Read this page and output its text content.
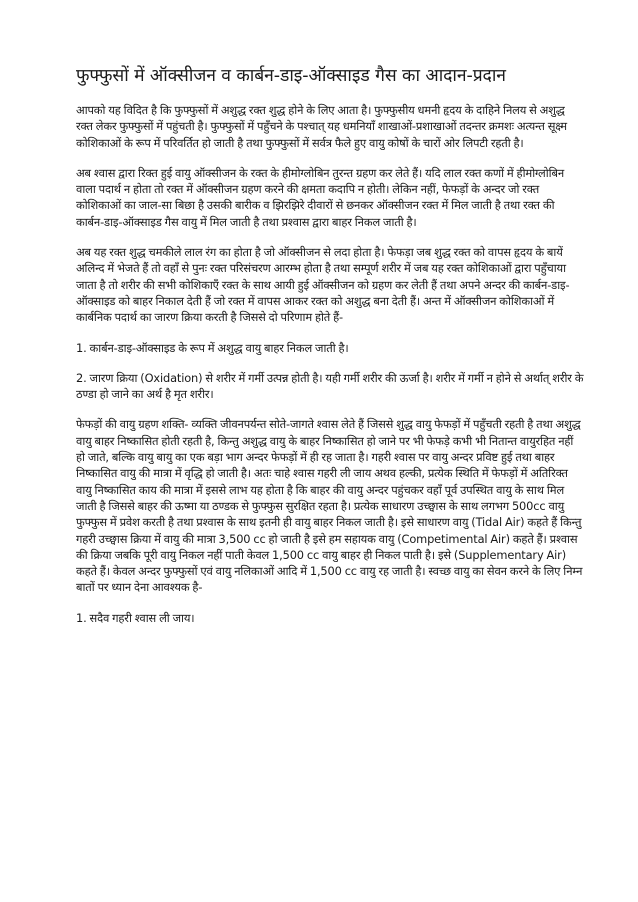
फुफ्फुसों में ऑक्सीजन व कार्बन-डाइ-ऑक्साइड गैस का आदान-प्रदान

आपको यह विदित है कि फुफ्फुसों में अशुद्ध रक्त शुद्ध होने के लिए आता है। फुफ्फुसीय धमनी हृदय के दाहिने निलय से अशुद्ध रक्त लेकर फुफ्फुसों में पहुंचती है। फुफ्फुसों में पहुँचने के पश्चात् यह धमनियाँ शाखाओं-प्रशाखाओं तदन्तर क्रमशः अत्यन्त सूक्ष्म कोशिकाओं के रूप में परिवर्तित हो जाती है तथा फुफ्फुसों में सर्वत्र फैले हुए वायु कोषों के चारों ओर लिपटी रहती है।

अब श्वास द्वारा रिक्त हुई वायु ऑक्सीजन के रक्त के हीमोग्लोबिन तुरन्त ग्रहण कर लेते हैं। यदि लाल रक्त कणों में हीमोग्लोबिन वाला पदार्थ न होता तो रक्त में ऑक्सीजन ग्रहण करने की क्षमता कदापि न होती। लेकिन नहीं, फेफड़ों के अन्दर जो रक्त कोशिकाओं का जाल-सा बिछा है उसकी बारीक व झिरझिरे दीवारों से छनकर ऑक्सीजन रक्त में मिल जाती है तथा रक्त की कार्बन-डाइ-ऑक्साइड गैस वायु में मिल जाती है तथा प्रश्वास द्वारा बाहर निकल जाती है।

अब यह रक्त शुद्ध चमकीले लाल रंग का होता है जो ऑक्सीजन से लदा होता है। फेफड़ा जब शुद्ध रक्त को वापस हृदय के बायें अलिन्द में भेजते हैं तो वहाँ से पुनः रक्त परिसंचरण आरम्भ होता है तथा सम्पूर्ण शरीर में जब यह रक्त कोशिकाओं द्वारा पहुँचाया जाता है तो शरीर की सभी कोशिकाएँ रक्त के साथ आयी हुई ऑक्सीजन को ग्रहण कर लेती हैं तथा अपने अन्दर की कार्बन-डाइ-ऑक्साइड को बाहर निकाल देती हैं जो रक्त में वापस आकर रक्त को अशुद्ध बना देती हैं। अन्त में ऑक्सीजन कोशिकाओं में कार्बनिक पदार्थ का जारण क्रिया करती है जिससे दो परिणाम होते हैं-

1. कार्बन-डाइ-ऑक्साइड के रूप में अशुद्ध वायु बाहर निकल जाती है।

2. जारण क्रिया (Oxidation) से शरीर में गर्मी उत्पन्न होती है। यही गर्मी शरीर की ऊर्जा है। शरीर में गर्मी न होने से अर्थात् शरीर के ठण्डा हो जाने का अर्थ है मृत शरीर।

फेफड़ों की वायु ग्रहण शक्ति- व्यक्ति जीवनपर्यन्त सोते-जागते श्वास लेते हैं जिससे शुद्ध वायु फेफड़ों में पहुँचती रहती है तथा अशुद्ध वायु बाहर निष्कासित होती रहती है, किन्तु अशुद्ध वायु के बाहर निष्कासित हो जाने पर भी फेफड़े कभी भी नितान्त वायुरहित नहीं हो जाते, बल्कि वायु बायु का एक बड़ा भाग अन्दर फेफड़ों में ही रह जाता है। गहरी श्वास पर वायु अन्दर प्रविष्ट हुई तथा बाहर निष्कासित वायु की मात्रा में वृद्धि हो जाती है। अतः चाहे श्वास गहरी ली जाय अथव हल्की, प्रत्येक स्थिति में फेफड़ों में अतिरिक्त वायु निष्कासित काय की मात्रा में इससे लाभ यह होता है कि बाहर की वायु अन्दर पहुंचकर वहाँ पूर्व उपस्थित वायु के साथ मिल जाती है जिससे बाहर की ऊष्मा या ठण्डक से फुफ्फुस सुरक्षित रहता है। प्रत्येक साधारण उच्छ्वास के साथ लगभग 500cc वायु फुफ्फुस में प्रवेश करती है तथा प्रश्वास के साथ इतनी ही वायु बाहर निकल जाती है। इसे साधारण वायु (Tidal Air) कहते हैं किन्तु गहरी उच्छ्वास क्रिया में वायु की मात्रा 3,500 cc हो जाती है इसे हम सहायक वायु (Competimental Air) कहते हैं। प्रश्वास की क्रिया जबकि पूरी वायु निकल नहीं पाती केवल 1,500 cc वायु बाहर ही निकल पाती है। इसे (Supplementary Air) कहते हैं। केवल अन्दर फुफ्फुसों एवं वायु नलिकाओं आदि में 1,500 cc वायु रह जाती है। स्वच्छ वायु का सेवन करने के लिए निम्न बातों पर ध्यान देना आवश्यक है-

1. सदैव गहरी श्वास ली जाय।
